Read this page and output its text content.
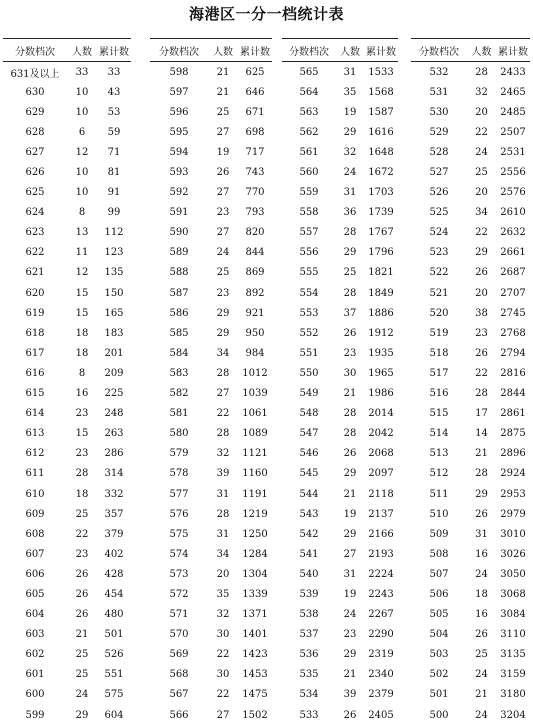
海港区一分一档统计表
分数档次	人数	累计数
631及以上	33	33
630	10	43
629	10	53
628	6	59
627	12	71
626	10	81
625	10	91
624	8	99
623	13	112
622	11	123
621	12	135
620	15	150
619	15	165
618	18	183
617	18	201
616	8	209
615	16	225
614	23	248
613	15	263
612	23	286
611	28	314
610	18	332
609	25	357
608	22	379
607	23	402
606	26	428
605	26	454
604	26	480
603	21	501
602	25	526
601	25	551
600	24	575
599	29	604
分数档次	人数	累计数
598	21	625
597	21	646
596	25	671
595	27	698
594	19	717
593	26	743
592	27	770
591	23	793
590	27	820
589	24	844
588	25	869
587	23	892
586	29	921
585	29	950
584	34	984
583	28	1012
582	27	1039
581	22	1061
580	28	1089
579	32	1121
578	39	1160
577	31	1191
576	28	1219
575	31	1250
574	34	1284
573	20	1304
572	35	1339
571	32	1371
570	30	1401
569	22	1423
568	30	1453
567	22	1475
566	27	1502
分数档次	人数	累计数
565	31	1533
564	35	1568
563	19	1587
562	29	1616
561	32	1648
560	24	1672
559	31	1703
558	36	1739
557	28	1767
556	29	1796
555	25	1821
554	28	1849
553	37	1886
552	26	1912
551	23	1935
550	30	1965
549	21	1986
548	28	2014
547	28	2042
546	26	2068
545	29	2097
544	21	2118
543	19	2137
542	29	2166
541	27	2193
540	31	2224
539	19	2243
538	24	2267
537	23	2290
536	29	2319
535	21	2340
534	39	2379
533	26	2405
分数档次	人数	累计数
532	28	2433
531	32	2465
530	20	2485
529	22	2507
528	24	2531
527	25	2556
526	20	2576
525	34	2610
524	22	2632
523	29	2661
522	26	2687
521	20	2707
520	38	2745
519	23	2768
518	26	2794
517	22	2816
516	28	2844
515	17	2861
514	14	2875
513	21	2896
512	28	2924
511	29	2953
510	26	2979
509	31	3010
508	16	3026
507	24	3050
506	18	3068
505	16	3084
504	26	3110
503	25	3135
502	24	3159
501	21	3180
500	24	3204
